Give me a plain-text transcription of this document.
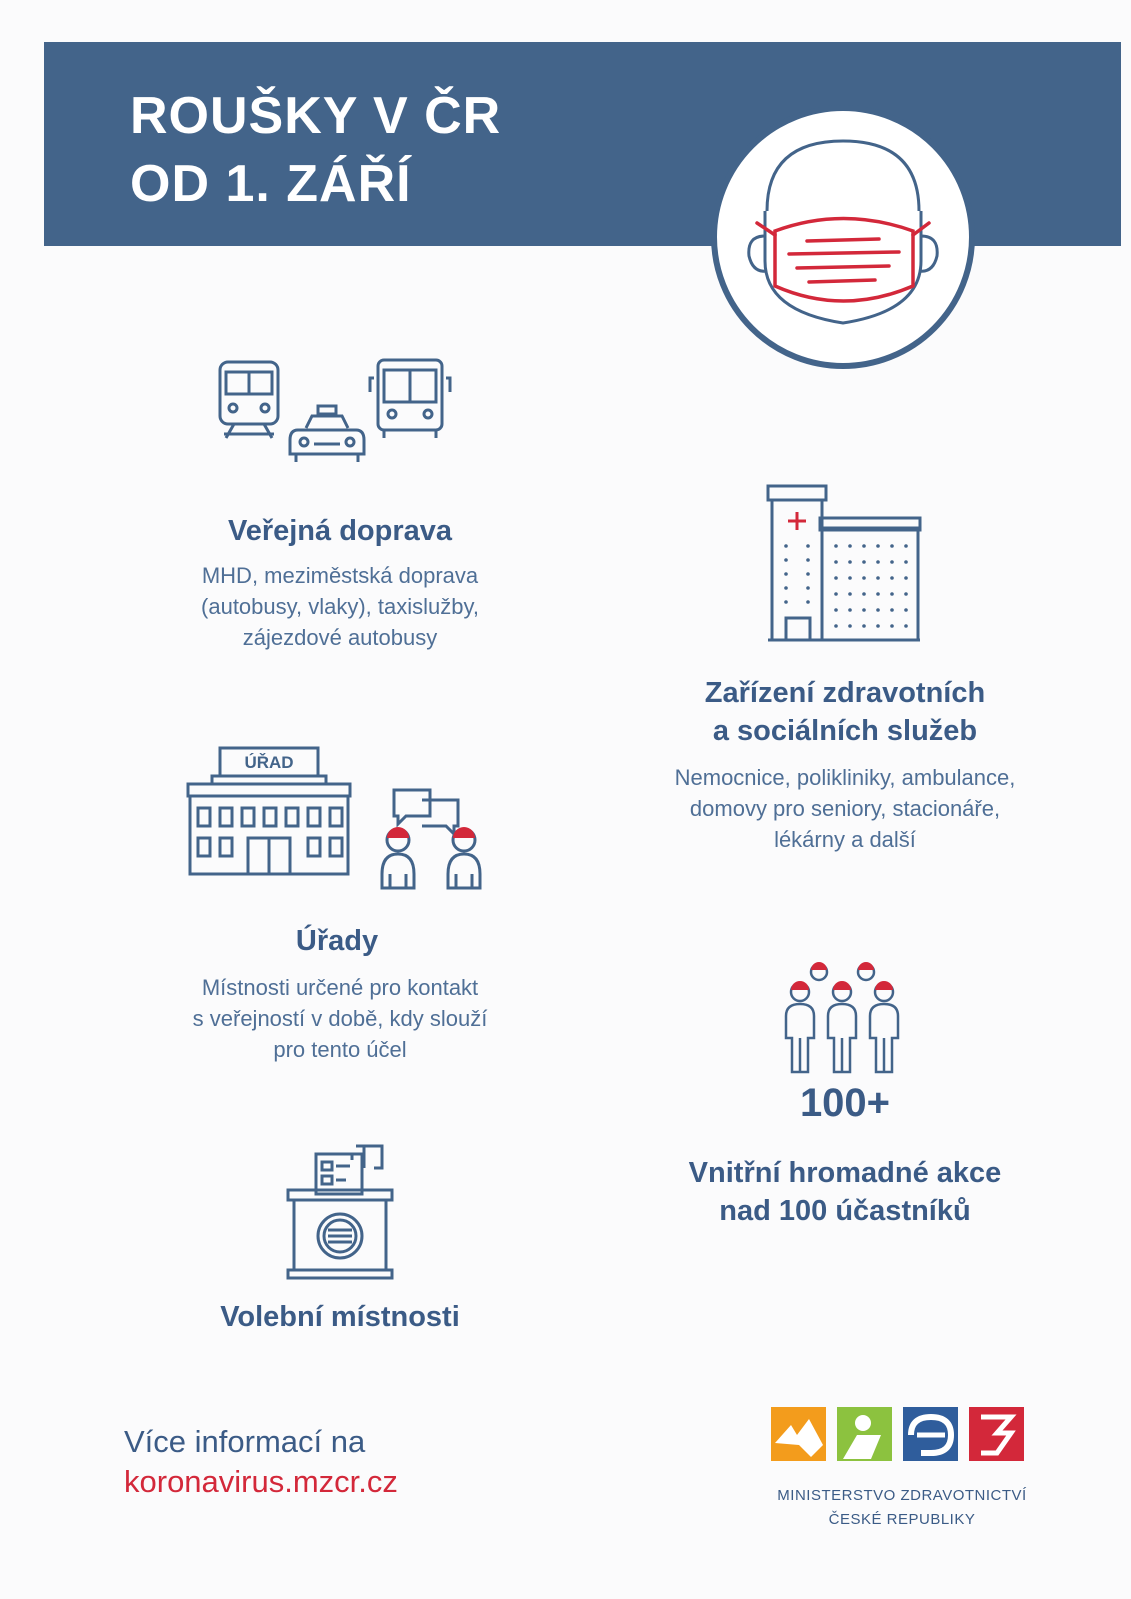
ROUŠKY V ČR
OD 1. ZÁŘÍ
Veřejná doprava

MHD, meziměstská doprava
(autobusy, vlaky), taxislužby,
zájezdové autobusy

Zařízení zdravotních
a sociálních služeb

Nemocnice, polikliniky, ambulance,
domovy pro seniory, stacionáře,
lékárny a další

ÚŘAD
Úřady

Místnosti určené pro kontakt
s veřejností v době, kdy slouží
pro tento účel

100+
Vnitřní hromadné akce
nad 100 účastníků
Volební místnosti

Více informací na

koronavirus.mzcr.cz	MINISTERSTVO ZDRAVOTNICTVÍ
ČESKÉ REPUBLIKY
